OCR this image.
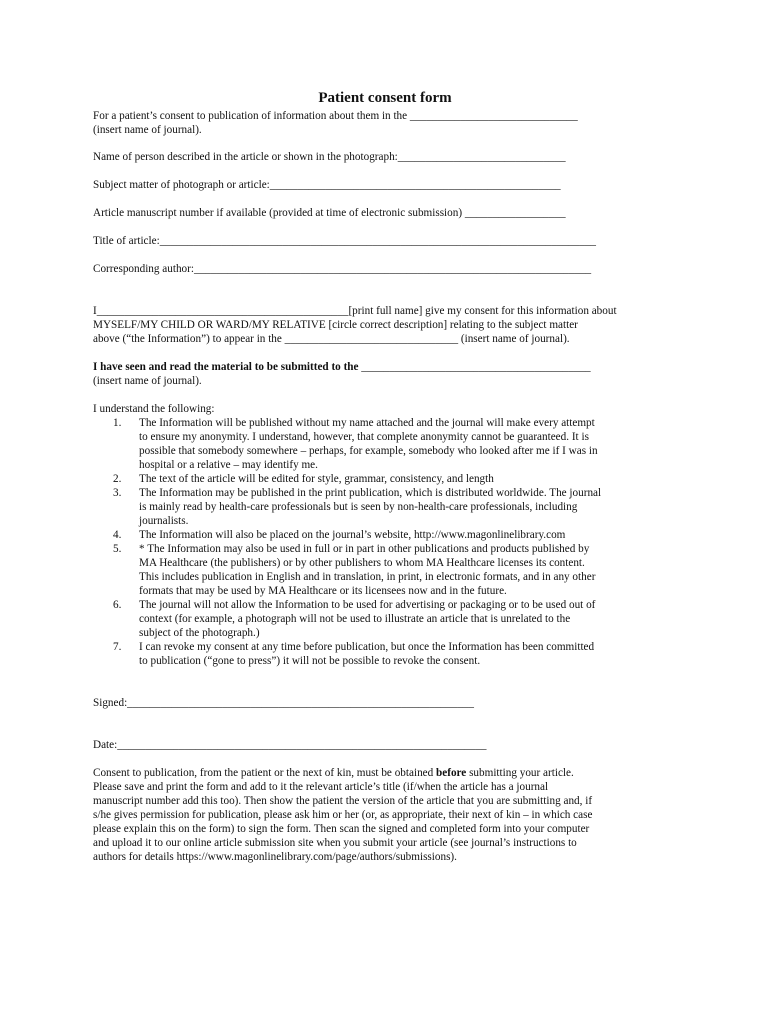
Patient consent form
For a patient’s consent to publication of information about them in the ______________________________
(insert name of journal).
Name of person described in the article or shown in the photograph:______________________________
Subject matter of photograph or article:____________________________________________________
Article manuscript number if available (provided at time of electronic submission) __________________
Title of article:______________________________________________________________________________
Corresponding author:_______________________________________________________________________
I_____________________________________________[print full name] give my consent for this information about
MYSELF/MY CHILD OR WARD/MY RELATIVE [circle correct description] relating to the subject matter
above (“the Information”) to appear in the _______________________________ (insert name of journal).
I have seen and read the material to be submitted to the _________________________________________
(insert name of journal).
I understand the following:
1.	The Information will be published without my name attached and the journal will make every attempt
to ensure my anonymity. I understand, however, that complete anonymity cannot be guaranteed. It is
possible that somebody somewhere – perhaps, for example, somebody who looked after me if I was in
hospital or a relative – may identify me.
2.	The text of the article will be edited for style, grammar, consistency, and length
3.	The Information may be published in the print publication, which is distributed worldwide. The journal
is mainly read by health-care professionals but is seen by non-health-care professionals, including
journalists.
4.	The Information will also be placed on the journal’s website, http://www.magonlinelibrary.com
5.	* The Information may also be used in full or in part in other publications and products published by
MA Healthcare (the publishers) or by other publishers to whom MA Healthcare licenses its content.
This includes publication in English and in translation, in print, in electronic formats, and in any other
formats that may be used by MA Healthcare or its licensees now and in the future.
6.	The journal will not allow the Information to be used for advertising or packaging or to be used out of
context (for example, a photograph will not be used to illustrate an article that is unrelated to the
subject of the photograph.)
7.	I can revoke my consent at any time before publication, but once the Information has been committed
to publication (“gone to press”) it will not be possible to revoke the consent.
Signed:______________________________________________________________
Date:__________________________________________________________________
Consent to publication, from the patient or the next of kin, must be obtained before submitting your article.
Please save and print the form and add to it the relevant article’s title (if/when the article has a journal
manuscript number add this too). Then show the patient the version of the article that you are submitting and, if
s/he gives permission for publication, please ask him or her (or, as appropriate, their next of kin – in which case
please explain this on the form) to sign the form. Then scan the signed and completed form into your computer
and upload it to our online article submission site when you submit your article (see journal’s instructions to
authors for details https://www.magonlinelibrary.com/page/authors/submissions).
